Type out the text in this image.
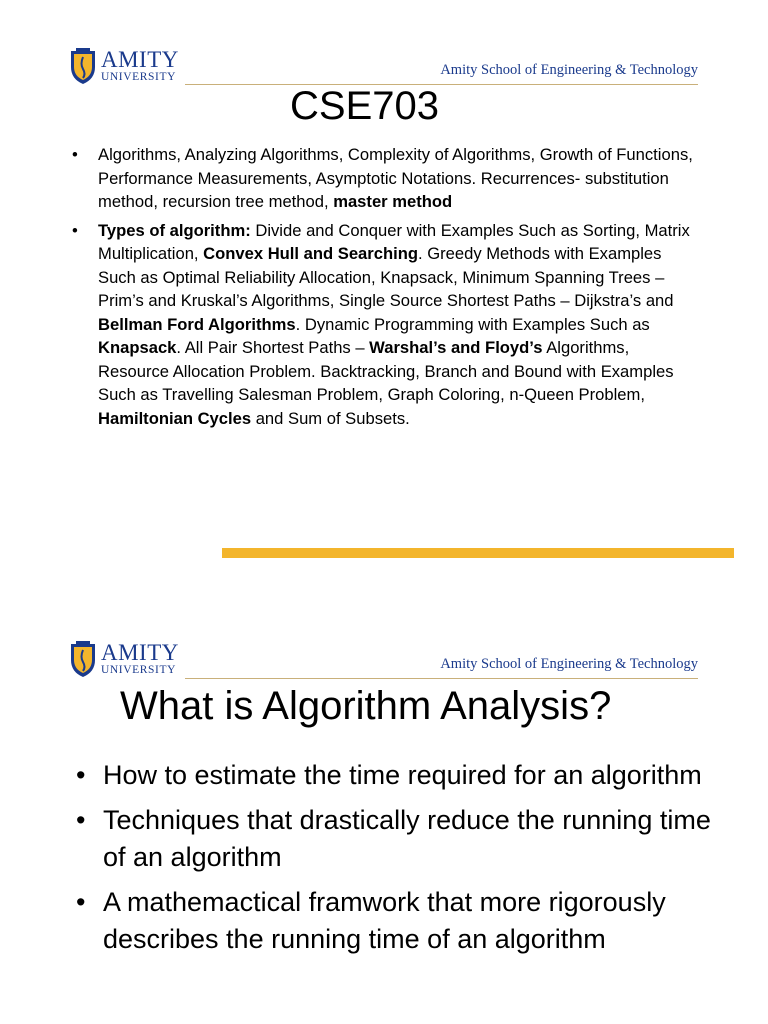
AMITY
UNIVERSITY	Amity School of Engineering & Technology
CSE703
• Algorithms, Analyzing Algorithms, Complexity of Algorithms, Growth of Functions, Performance Measurements, Asymptotic Notations. Recurrences- substitution method, recursion tree method, master method
• Types of algorithm: Divide and Conquer with Examples Such as Sorting, Matrix Multiplication, Convex Hull and Searching. Greedy Methods with Examples Such as Optimal Reliability Allocation, Knapsack, Minimum Spanning Trees – Prim’s and Kruskal’s Algorithms, Single Source Shortest Paths – Dijkstra’s and Bellman Ford Algorithms. Dynamic Programming with Examples Such as Knapsack. All Pair Shortest Paths – Warshal’s and Floyd’s Algorithms, Resource Allocation Problem. Backtracking, Branch and Bound with Examples Such as Travelling Salesman Problem, Graph Coloring, n-Queen Problem, Hamiltonian Cycles and Sum of Subsets.
AMITY
UNIVERSITY	Amity School of Engineering & Technology
What is Algorithm Analysis?
• How to estimate the time required for an algorithm
• Techniques that drastically reduce the running time of an algorithm
• A mathemactical framwork that more rigorously describes the running time of an algorithm
